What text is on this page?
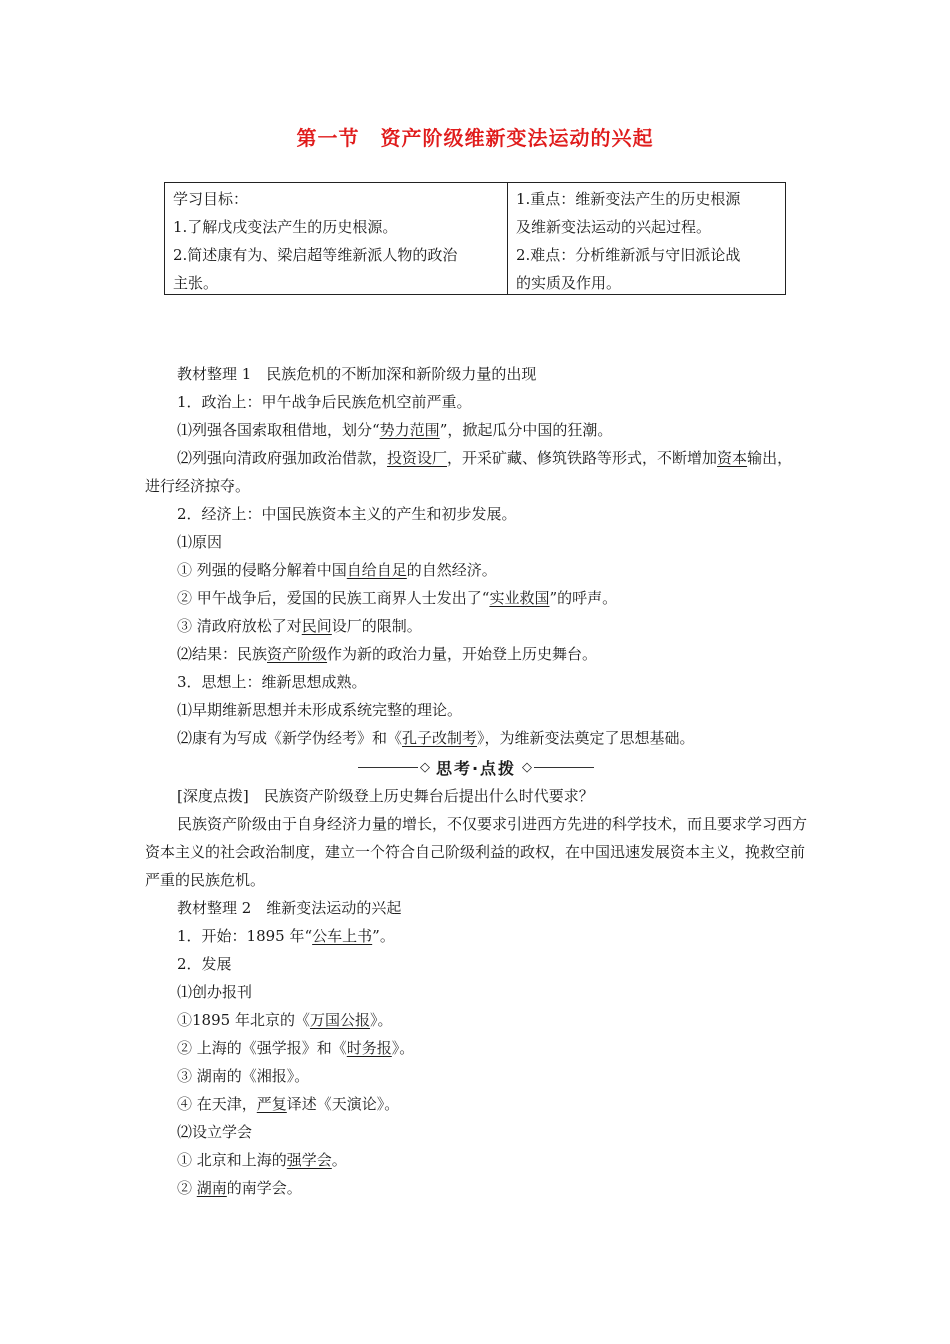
第一节　资产阶级维新变法运动的兴起
学习目标：
1.了解戊戌变法产生的历史根源。
2.简述康有为、梁启超等维新派人物的政治
主张。
1.重点：维新变法产生的历史根源
及维新变法运动的兴起过程。
2.难点：分析维新派与守旧派论战
的实质及作用。
教材整理 1　民族危机的不断加深和新阶级力量的出现
1．政治上：甲午战争后民族危机空前严重。
⑴列强各国索取租借地，划分“势力范围”，掀起瓜分中国的狂潮。
⑵列强向清政府强加政治借款，投资设厂，开采矿藏、修筑铁路等形式，不断增加资本输出，进行经济掠夺。
2．经济上：中国民族资本主义的产生和初步发展。
⑴原因
① 列强的侵略分解着中国自给自足的自然经济。
② 甲午战争后，爱国的民族工商界人士发出了“实业救国”的呼声。
③ 清政府放松了对民间设厂的限制。
⑵结果：民族资产阶级作为新的政治力量，开始登上历史舞台。
3．思想上：维新思想成熟。
⑴早期维新思想并未形成系统完整的理论。
⑵康有为写成《新学伪经考》和《孔子改制考》，为维新变法奠定了思想基础。
◇ 思考·点拨 ◇
[深度点拨]　民族资产阶级登上历史舞台后提出什么时代要求？
民族资产阶级由于自身经济力量的增长，不仅要求引进西方先进的科学技术，而且要求学习西方资本主义的社会政治制度，建立一个符合自己阶级利益的政权，在中国迅速发展资本主义，挽救空前严重的民族危机。
教材整理 2　维新变法运动的兴起
1．开始：1895 年“公车上书”。
2．发展
⑴创办报刊
①1895 年北京的《万国公报》。
② 上海的《强学报》和《时务报》。
③ 湖南的《湘报》。
④ 在天津，严复译述《天演论》。
⑵设立学会
① 北京和上海的强学会。
② 湖南的南学会。
